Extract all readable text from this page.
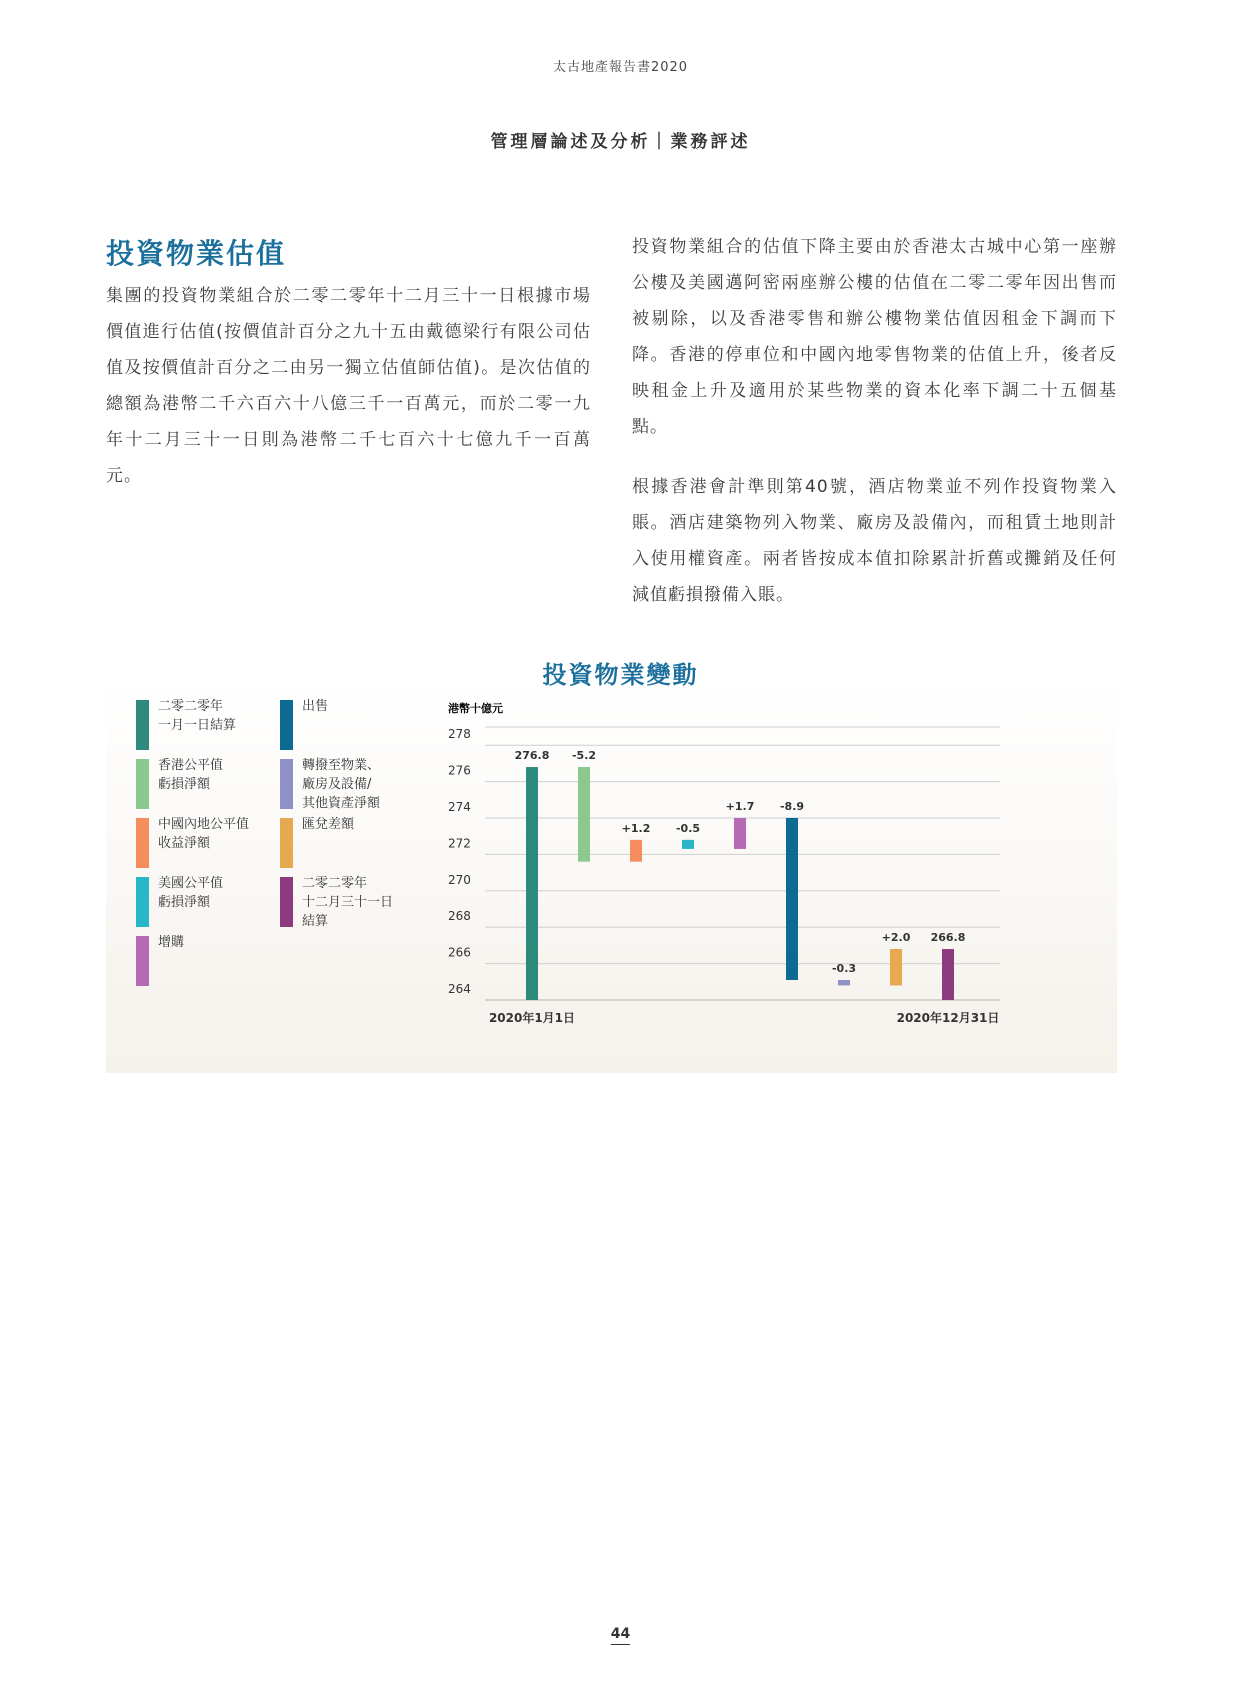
太古地產報告書2020
管理層論述及分析｜業務評述
投資物業估值

集團的投資物業組合於二零二零年十二月三十一日根據市場價值進行估值(按價值計百分之九十五由戴德梁行有限公司估值及按價值計百分之二由另一獨立估值師估值)。是次估值的總額為港幣二千六百六十八億三千一百萬元，而於二零一九年十二月三十一日則為港幣二千七百六十七億九千一百萬元。

投資物業組合的估值下降主要由於香港太古城中心第一座辦公樓及美國邁阿密兩座辦公樓的估值在二零二零年因出售而被剔除，以及香港零售和辦公樓物業估值因租金下調而下降。香港的停車位和中國內地零售物業的估值上升，後者反映租金上升及適用於某些物業的資本化率下調二十五個基點。

根據香港會計準則第40號，酒店物業並不列作投資物業入賬。酒店建築物列入物業、廠房及設備內，而租賃土地則計入使用權資產。兩者皆按成本值扣除累計折舊或攤銷及任何減值虧損撥備入賬。

投資物業變動
二零二零年
一月一日結算
香港公平值
虧損淨額
中國內地公平值
收益淨額
美國公平值
虧損淨額
增購
出售
轉撥至物業、
廠房及設備/
其他資產淨額
匯兌差額
二零二零年
十二月三十一日
結算
港幣十億元
264
266
268
270
272
274
276
278
276.8 -5.2
+1.2 -0.5
+1.7 -8.9
-0.3
+2.0 266.8
2020年1月1日	2020年12月31日
44
